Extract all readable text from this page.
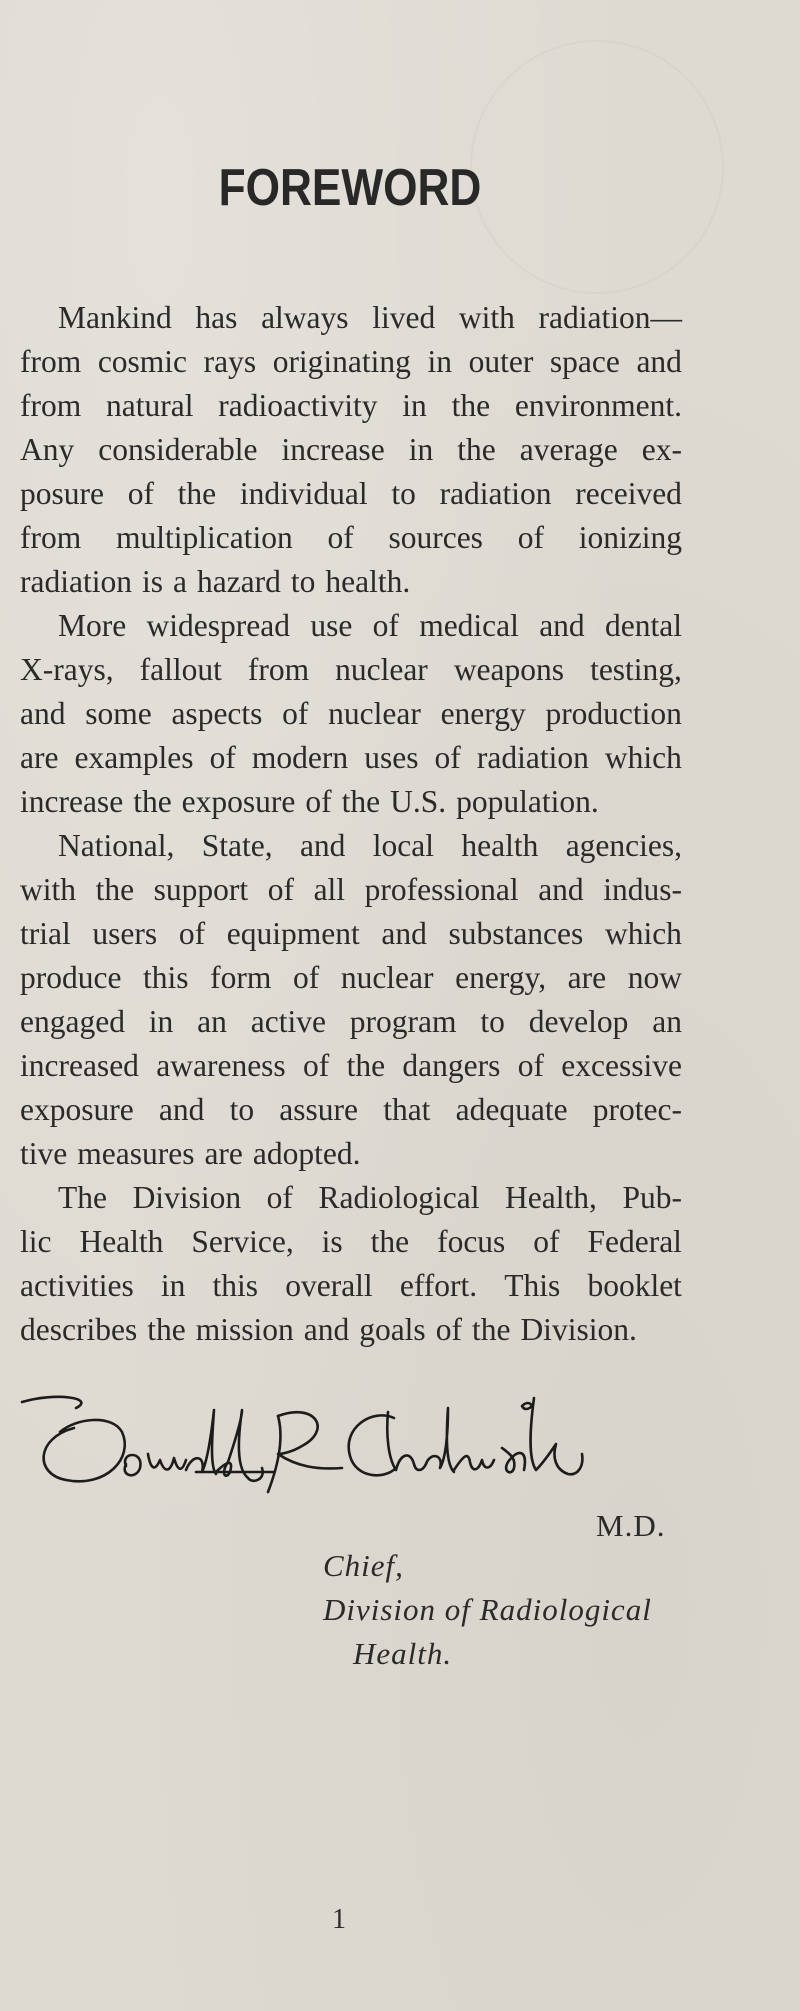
FOREWORD
Mankind has always lived with radiation—
from cosmic rays originating in outer space and
from natural radioactivity in the environment.
Any considerable increase in the average ex-
posure of the individual to radiation received
from multiplication of sources of ionizing
radiation is a hazard to health.
More widespread use of medical and dental
X-rays, fallout from nuclear weapons testing,
and some aspects of nuclear energy production
are examples of modern uses of radiation which
increase the exposure of the U.S. population.
National, State, and local health agencies,
with the support of all professional and indus-
trial users of equipment and substances which
produce this form of nuclear energy, are now
engaged in an active program to develop an
increased awareness of the dangers of excessive
exposure and to assure that adequate protec-
tive measures are adopted.
The Division of Radiological Health, Pub-
lic Health Service, is the focus of Federal
activities in this overall effort. This booklet
describes the mission and goals of the Division.
M.D.
Chief,
Division of Radiological
Health.
1
